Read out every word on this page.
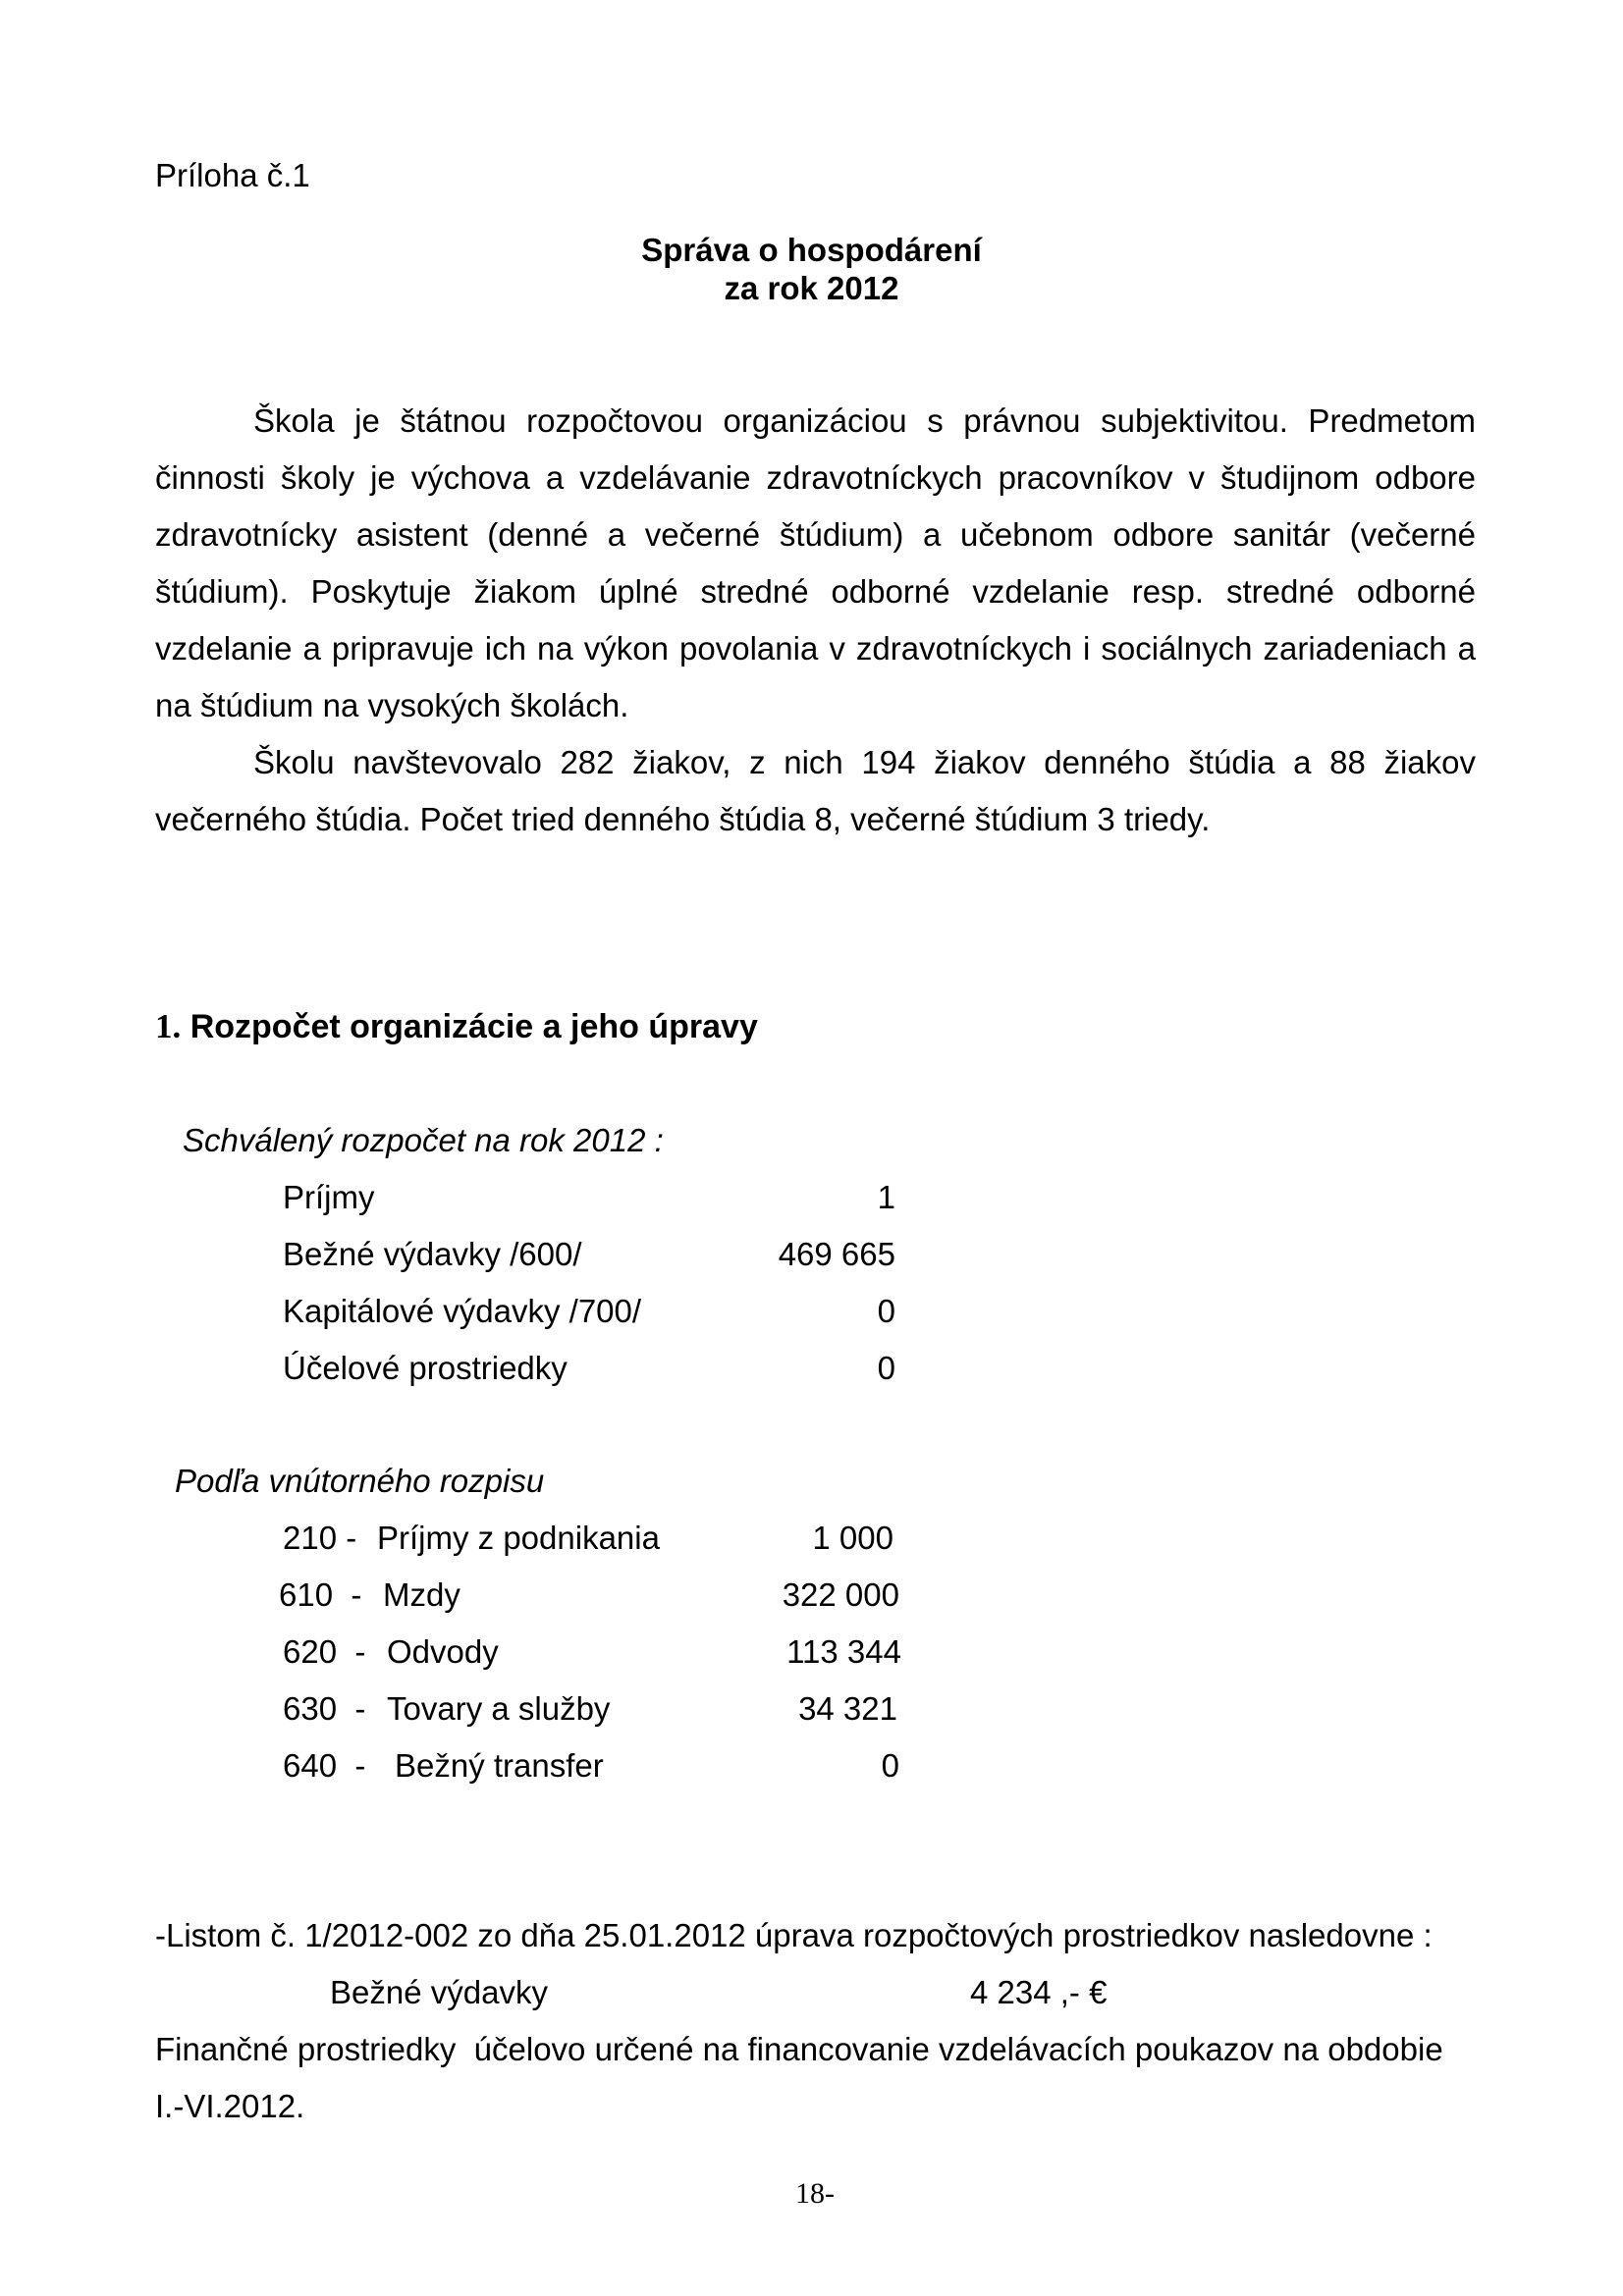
Príloha č.1
Správa o hospodárení
za rok 2012

Škola je štátnou rozpočtovou organizáciou s právnou subjektivitou. Predmetom činnosti školy je výchova a vzdelávanie zdravotníckych pracovníkov v študijnom odbore zdravotnícky asistent (denné a večerné štúdium) a učebnom odbore sanitár (večerné štúdium). Poskytuje žiakom úplné stredné odborné vzdelanie resp. stredné odborné vzdelanie a pripravuje ich na výkon povolania v zdravotníckych i sociálnych zariadeniach a na štúdium na vysokých školách.

Školu navštevovalo 282 žiakov, z nich 194 žiakov denného štúdia a 88 žiakov večerného štúdia. Počet tried denného štúdia 8, večerné štúdium 3 triedy.

1. Rozpočet organizácie a jeho úpravy
Schválený rozpočet na rok 2012 :
Príjmy	1
Bežné výdavky /600/	469 665
Kapitálové výdavky /700/	0
Účelové prostriedky	0
Podľa vnútorného rozpisu
210 - Príjmy z podnikania	1 000
610  - Mzdy	322 000
620  - Odvody	113 344
630  - Tovary a služby	34 321
640  - Bežný transfer	0
-Listom č. 1/2012-002 zo dňa 25.01.2012 úprava rozpočtových prostriedkov nasledovne :
Bežné výdavky	4 234 ,- €
Finančné prostriedky  účelovo určené na financovanie vzdelávacích poukazov na obdobie
I.-VI.2012.
18-
